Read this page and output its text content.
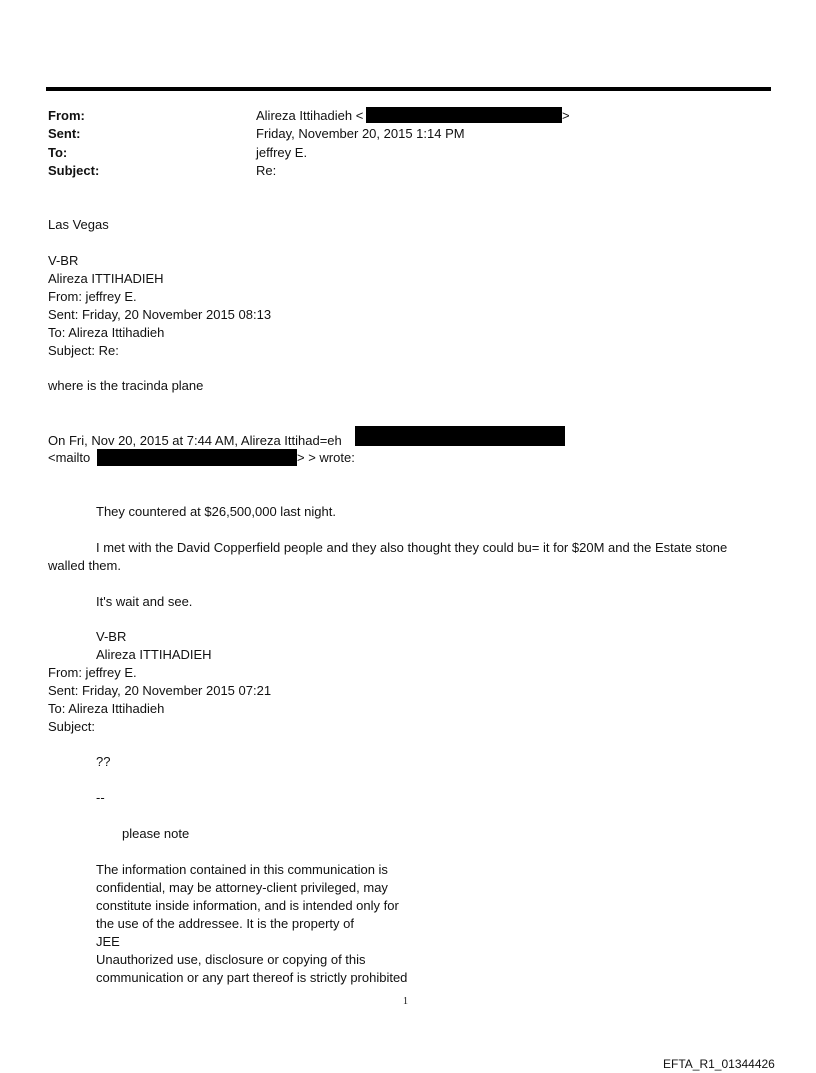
From:	Alireza Ittihadieh <	>
Sent:	Friday, November 20, 2015 1:14 PM
To:	jeffrey E.
Subject:	Re:
Las Vegas
V-BR
Alireza ITTIHADIEH
From: jeffrey E.
Sent: Friday, 20 November 2015 08:13
To: Alireza Ittihadieh
Subject: Re:
where is the tracinda plane
On Fri, Nov 20, 2015 at 7:44 AM, Alireza Ittihad=eh
<mailto	> > wrote:
They countered at $26,500,000 last night.
I met with the David Copperfield people and they also thought they could bu= it for $20M and the Estate stone
walled them.
It's wait and see.
V-BR
Alireza ITTIHADIEH
From: jeffrey E.
Sent: Friday, 20 November 2015 07:21
To: Alireza Ittihadieh
Subject:
??
--
please note
The information contained in this communication is
confidential, may be attorney-client privileged, may
constitute inside information, and is intended only for
the use of the addressee. It is the property of
JEE
Unauthorized use, disclosure or copying of this
communication or any part thereof is strictly prohibited
1
EFTA_R1_01344426
